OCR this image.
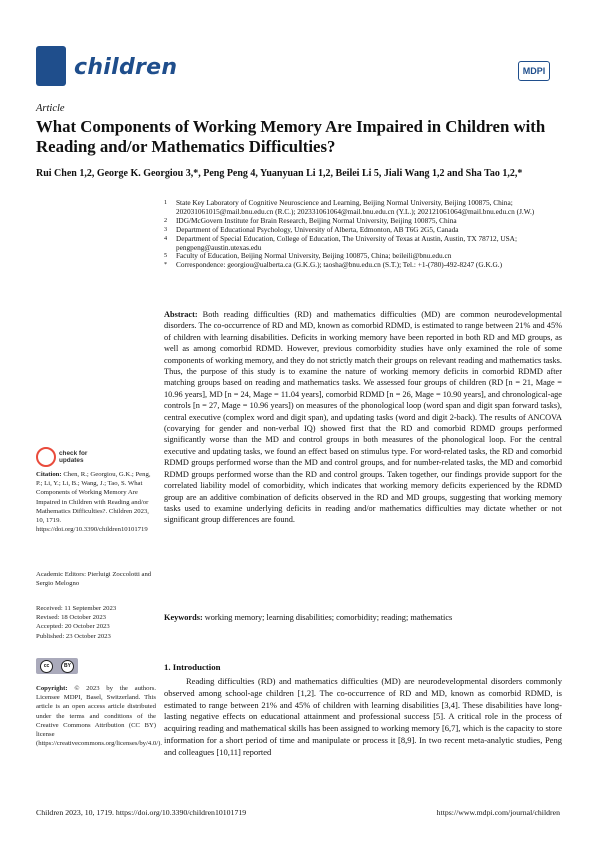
children	MDPI
Article
What Components of Working Memory Are Impaired in Children with Reading and/or Mathematics Difficulties?
Rui Chen 1,2, George K. Georgiou 3,*, Peng Peng 4, Yuanyuan Li 1,2, Beilei Li 5, Jiali Wang 1,2 and Sha Tao 1,2,*
1	State Key Laboratory of Cognitive Neuroscience and Learning, Beijing Normal University, Beijing 100875, China; 202031061015@mail.bnu.edu.cn (R.C.); 202331061064@mail.bnu.edu.cn (Y.L.); 202121061064@mail.bnu.edu.cn (J.W.)
2	IDG/McGovern Institute for Brain Research, Beijing Normal University, Beijing 100875, China
3	Department of Educational Psychology, University of Alberta, Edmonton, AB T6G 2G5, Canada
4	Department of Special Education, College of Education, The University of Texas at Austin, Austin, TX 78712, USA; pengpeng@austin.utexas.edu
5	Faculty of Education, Beijing Normal University, Beijing 100875, China; beileili@bnu.edu.cn
*	Correspondence: georgiou@ualberta.ca (G.K.G.); taosha@bnu.edu.cn (S.T.); Tel.: +1-(780)-492-8247 (G.K.G.)
Abstract: Both reading difficulties (RD) and mathematics difficulties (MD) are common neurodevelopmental disorders. The co-occurrence of RD and MD, known as comorbid RDMD, is estimated to range between 21% and 45% of children with learning disabilities. Deficits in working memory have been reported in both RD and MD groups, as well as among comorbid RDMD. However, previous comorbidity studies have only examined the role of some components of working memory, and they do not strictly match their groups on relevant reading and mathematics tasks. Thus, the purpose of this study is to examine the nature of working memory deficits in comorbid RDMD after matching groups based on reading and mathematics tasks. We assessed four groups of children (RD [n = 21, Mage = 10.96 years], MD [n = 24, Mage = 11.04 years], comorbid RDMD [n = 26, Mage = 10.90 years], and chronological-age controls [n = 27, Mage = 10.96 years]) on measures of the phonological loop (word span and digit span forward tasks), central executive (complex word and digit span), and updating tasks (word and digit 2-back). The results of ANCOVA (covarying for gender and non-verbal IQ) showed first that the RD and comorbid RDMD groups performed significantly worse than the MD and control groups in both measures of the phonological loop. For the central executive and updating tasks, we found an effect based on stimulus type. For word-related tasks, the RD and comorbid RDMD groups performed worse than the MD and control groups, and for number-related tasks, the MD and comorbid RDMD groups performed worse than the RD and control groups. Taken together, our findings provide support for the correlated liability model of comorbidity, which indicates that working memory deficits experienced by the RDMD group are an additive combination of deficits observed in the RD and MD groups, suggesting that working memory tasks used to examine underlying deficits in reading and/or mathematics difficulties may dictate whether or not significant group differences are found.
check for
updates
Citation: Chen, R.; Georgiou, G.K.; Peng, P.; Li, Y.; Li, B.; Wang, J.; Tao, S. What Components of Working Memory Are Impaired in Children with Reading and/or Mathematics Difficulties?. Children 2023, 10, 1719. https://doi.org/10.3390/children10101719
Academic Editors: Pierluigi Zoccolotti and Sergio Melogno
Received: 11 September 2023
Revised: 18 October 2023
Accepted: 20 October 2023
Published: 23 October 2023
cc	BY
Copyright: © 2023 by the authors. Licensee MDPI, Basel, Switzerland. This article is an open access article distributed under the terms and conditions of the Creative Commons Attribution (CC BY) license (https://creativecommons.org/licenses/by/4.0/).
Keywords: working memory; learning disabilities; comorbidity; reading; mathematics
1. Introduction
Reading difficulties (RD) and mathematics difficulties (MD) are neurodevelopmental disorders commonly observed among school-age children [1,2]. The co-occurrence of RD and MD, known as comorbid RDMD, is estimated to range between 21% and 45% of children with learning disabilities [3,4]. These disabilities have long-lasting negative effects on educational attainment and professional success [5]. A critical role in the process of acquiring reading and mathematical skills has been assigned to working memory [6,7], which is the capacity to store information for a short period of time and manipulate or process it [8,9]. In two recent meta-analytic studies, Peng and colleagues [10,11] reported
Children 2023, 10, 1719. https://doi.org/10.3390/children10101719	https://www.mdpi.com/journal/children
